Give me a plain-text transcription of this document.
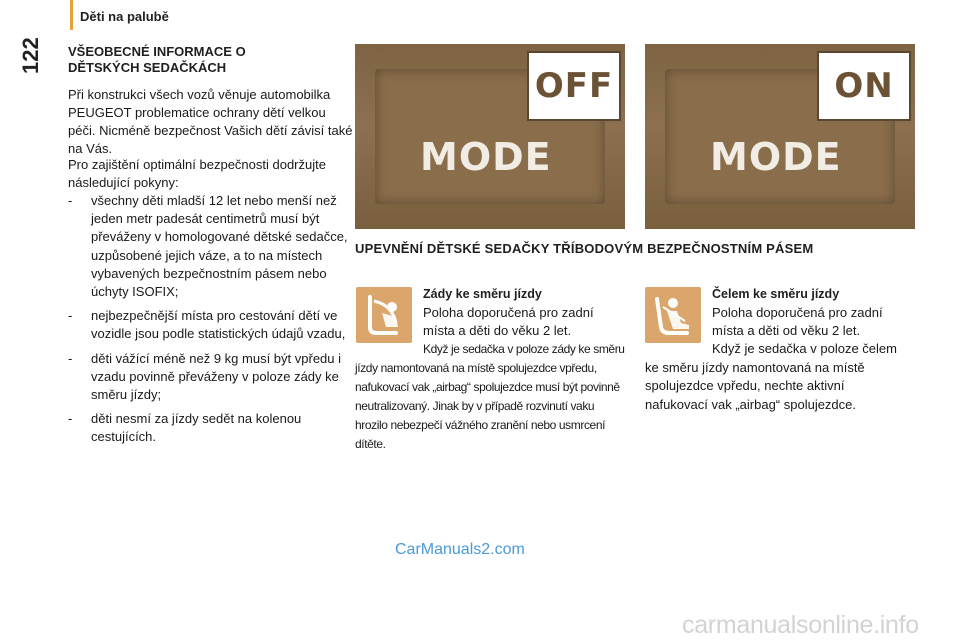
Děti na palubě
122 VŠEOBECNÉ INFORMACE O DĚTSKÝCH SEDAČKÁCH
Při konstrukci všech vozů věnuje automobilka PEUGEOT problematice ochrany dětí velkou péči. Nicméně bezpečnost Vašich dětí závisí také na Vás.
Pro zajištění optimální bezpečnosti dodržujte následující pokyny:
- všechny děti mladší 12 let nebo menší než jeden metr padesát centimetrů musí být převáženy v homologované dětské sedačce, uzpůsobené jejich váze, a to na místech vybavených bezpečnostním pásem nebo úchyty ISOFIX;
- nejbezpečnější místa pro cestování dětí ve vozidle jsou podle statistických údajů vzadu,
- děti vážící méně než 9 kg musí být vpředu i vzadu povinně převáženy v poloze zády ke směru jízdy;
- děti nesmí za jízdy sedět na kolenou cestujících.
OFF
MODE
ON
MODE
UPEVNĚNÍ DĚTSKÉ SEDAČKY TŘÍBODOVÝM BEZPEČNOSTNÍM PÁSEM
Zády ke směru jízdy
Poloha doporučená pro zadní místa a děti do věku 2 let.
Když je sedačka v poloze zády ke směru jízdy namontovaná na místě spolujezdce vpředu, nafukovací vak „airbag“ spolujezdce musí být povinně neutralizovaný. Jinak by v případě rozvinutí vaku hrozilo nebezpečí vážného zranění nebo usmrcení dítěte.
Čelem ke směru jízdy
Poloha doporučená pro zadní místa a děti od věku 2 let.
Když je sedačka v poloze čelem ke směru jízdy namontovaná na místě spolujezdce vpředu, nechte aktivní nafukovací vak „airbag“ spolujezdce.
CarManuals2.com
carmanualsonline.info
